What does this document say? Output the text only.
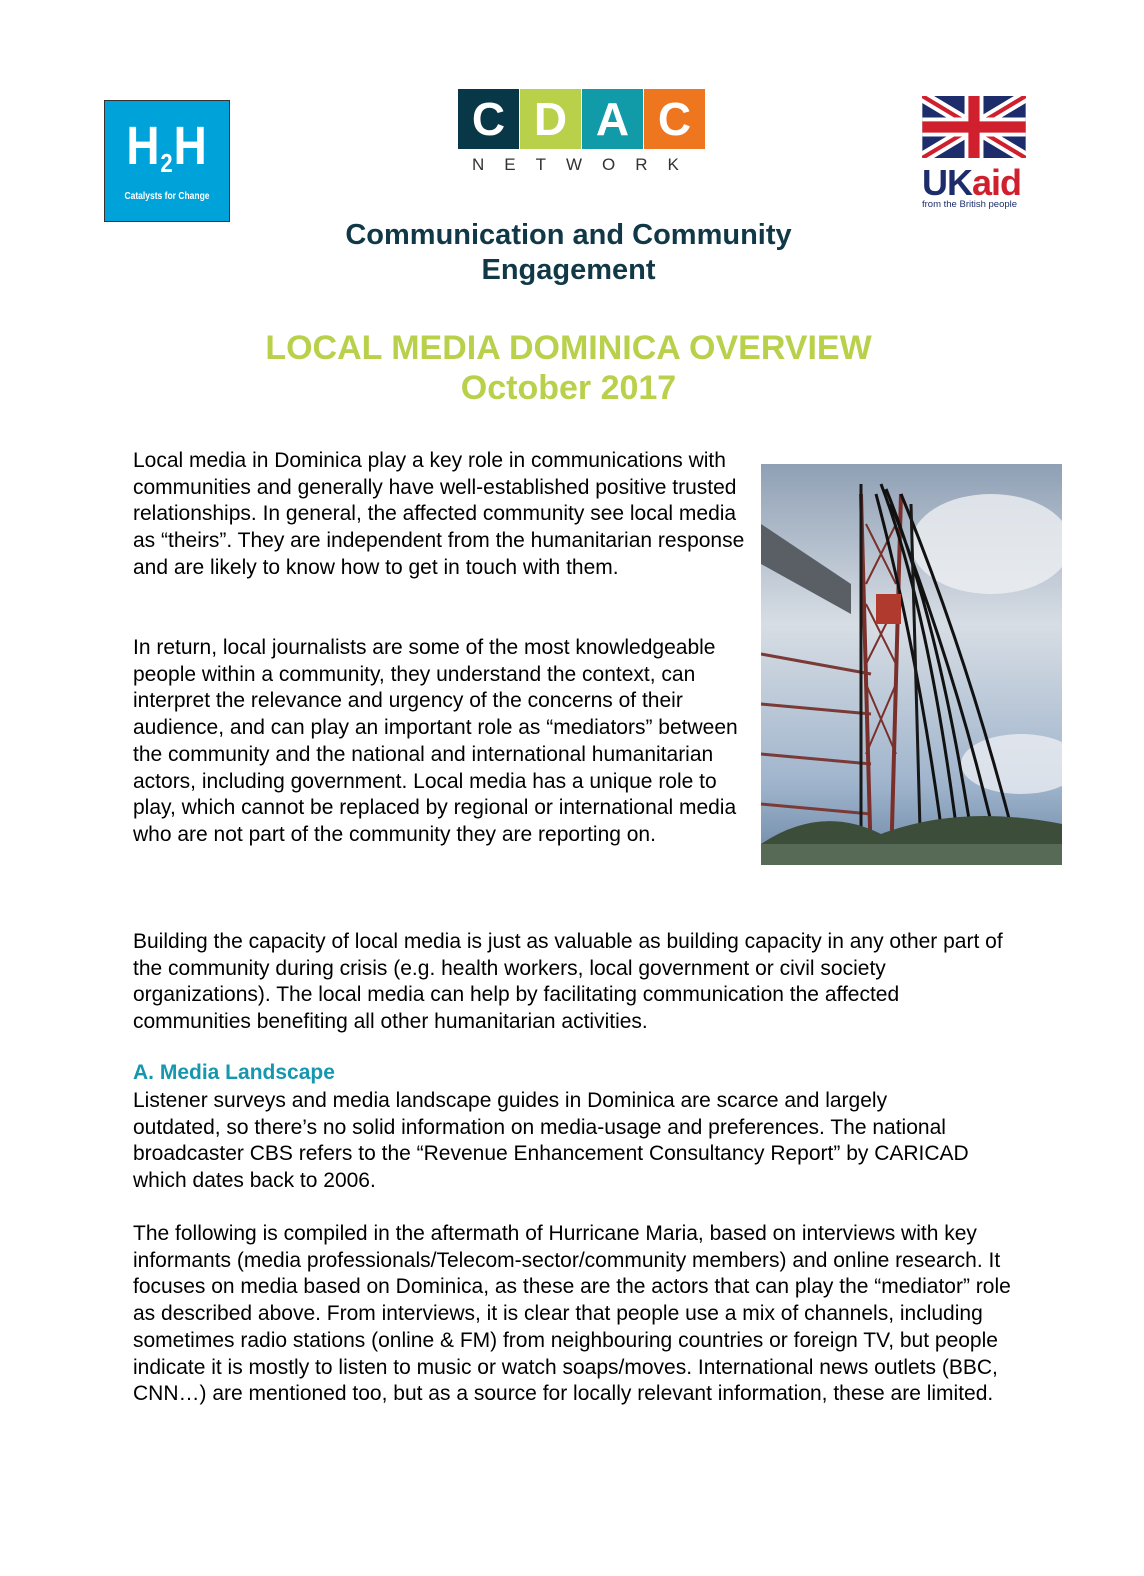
$H_2H$
Catalysts for Change
C D A C
NETWORK	UKaid
from the British people
Communication and Community
Engagement
LOCAL MEDIA DOMINICA OVERVIEW
October 2017

Local media in Dominica play a key role in communications with communities and generally have well-established positive trusted relationships. In general, the affected community see local media as “theirs”. They are independent from the humanitarian response and are likely to know how to get in touch with them.

In return, local journalists are some of the most knowledgeable people within a community, they understand the context, can interpret the relevance and urgency of the concerns of their audience, and can play an important role as “mediators” between the community and the national and international humanitarian actors, including government. Local media has a unique role to play, which cannot be replaced by regional or international media who are not part of the community they are reporting on.

Building the capacity of local media is just as valuable as building capacity in any other part of the community during crisis (e.g. health workers, local government or civil society organizations). The local media can help by facilitating communication the affected communities benefiting all other humanitarian activities.

A. Media Landscape

Listener surveys and media landscape guides in Dominica are scarce and largely outdated, so there’s no solid information on media-usage and preferences. The national broadcaster CBS refers to the “Revenue Enhancement Consultancy Report” by CARICAD which dates back to 2006.

The following is compiled in the aftermath of Hurricane Maria, based on interviews with key informants (media professionals/Telecom-sector/community members) and online research. It focuses on media based on Dominica, as these are the actors that can play the “mediator” role as described above. From interviews, it is clear that people use a mix of channels, including sometimes radio stations (online & FM) from neighbouring countries or foreign TV, but people indicate it is mostly to listen to music or watch soaps/moves. International news outlets (BBC, CNN…) are mentioned too, but as a source for locally relevant information, these are limited.
